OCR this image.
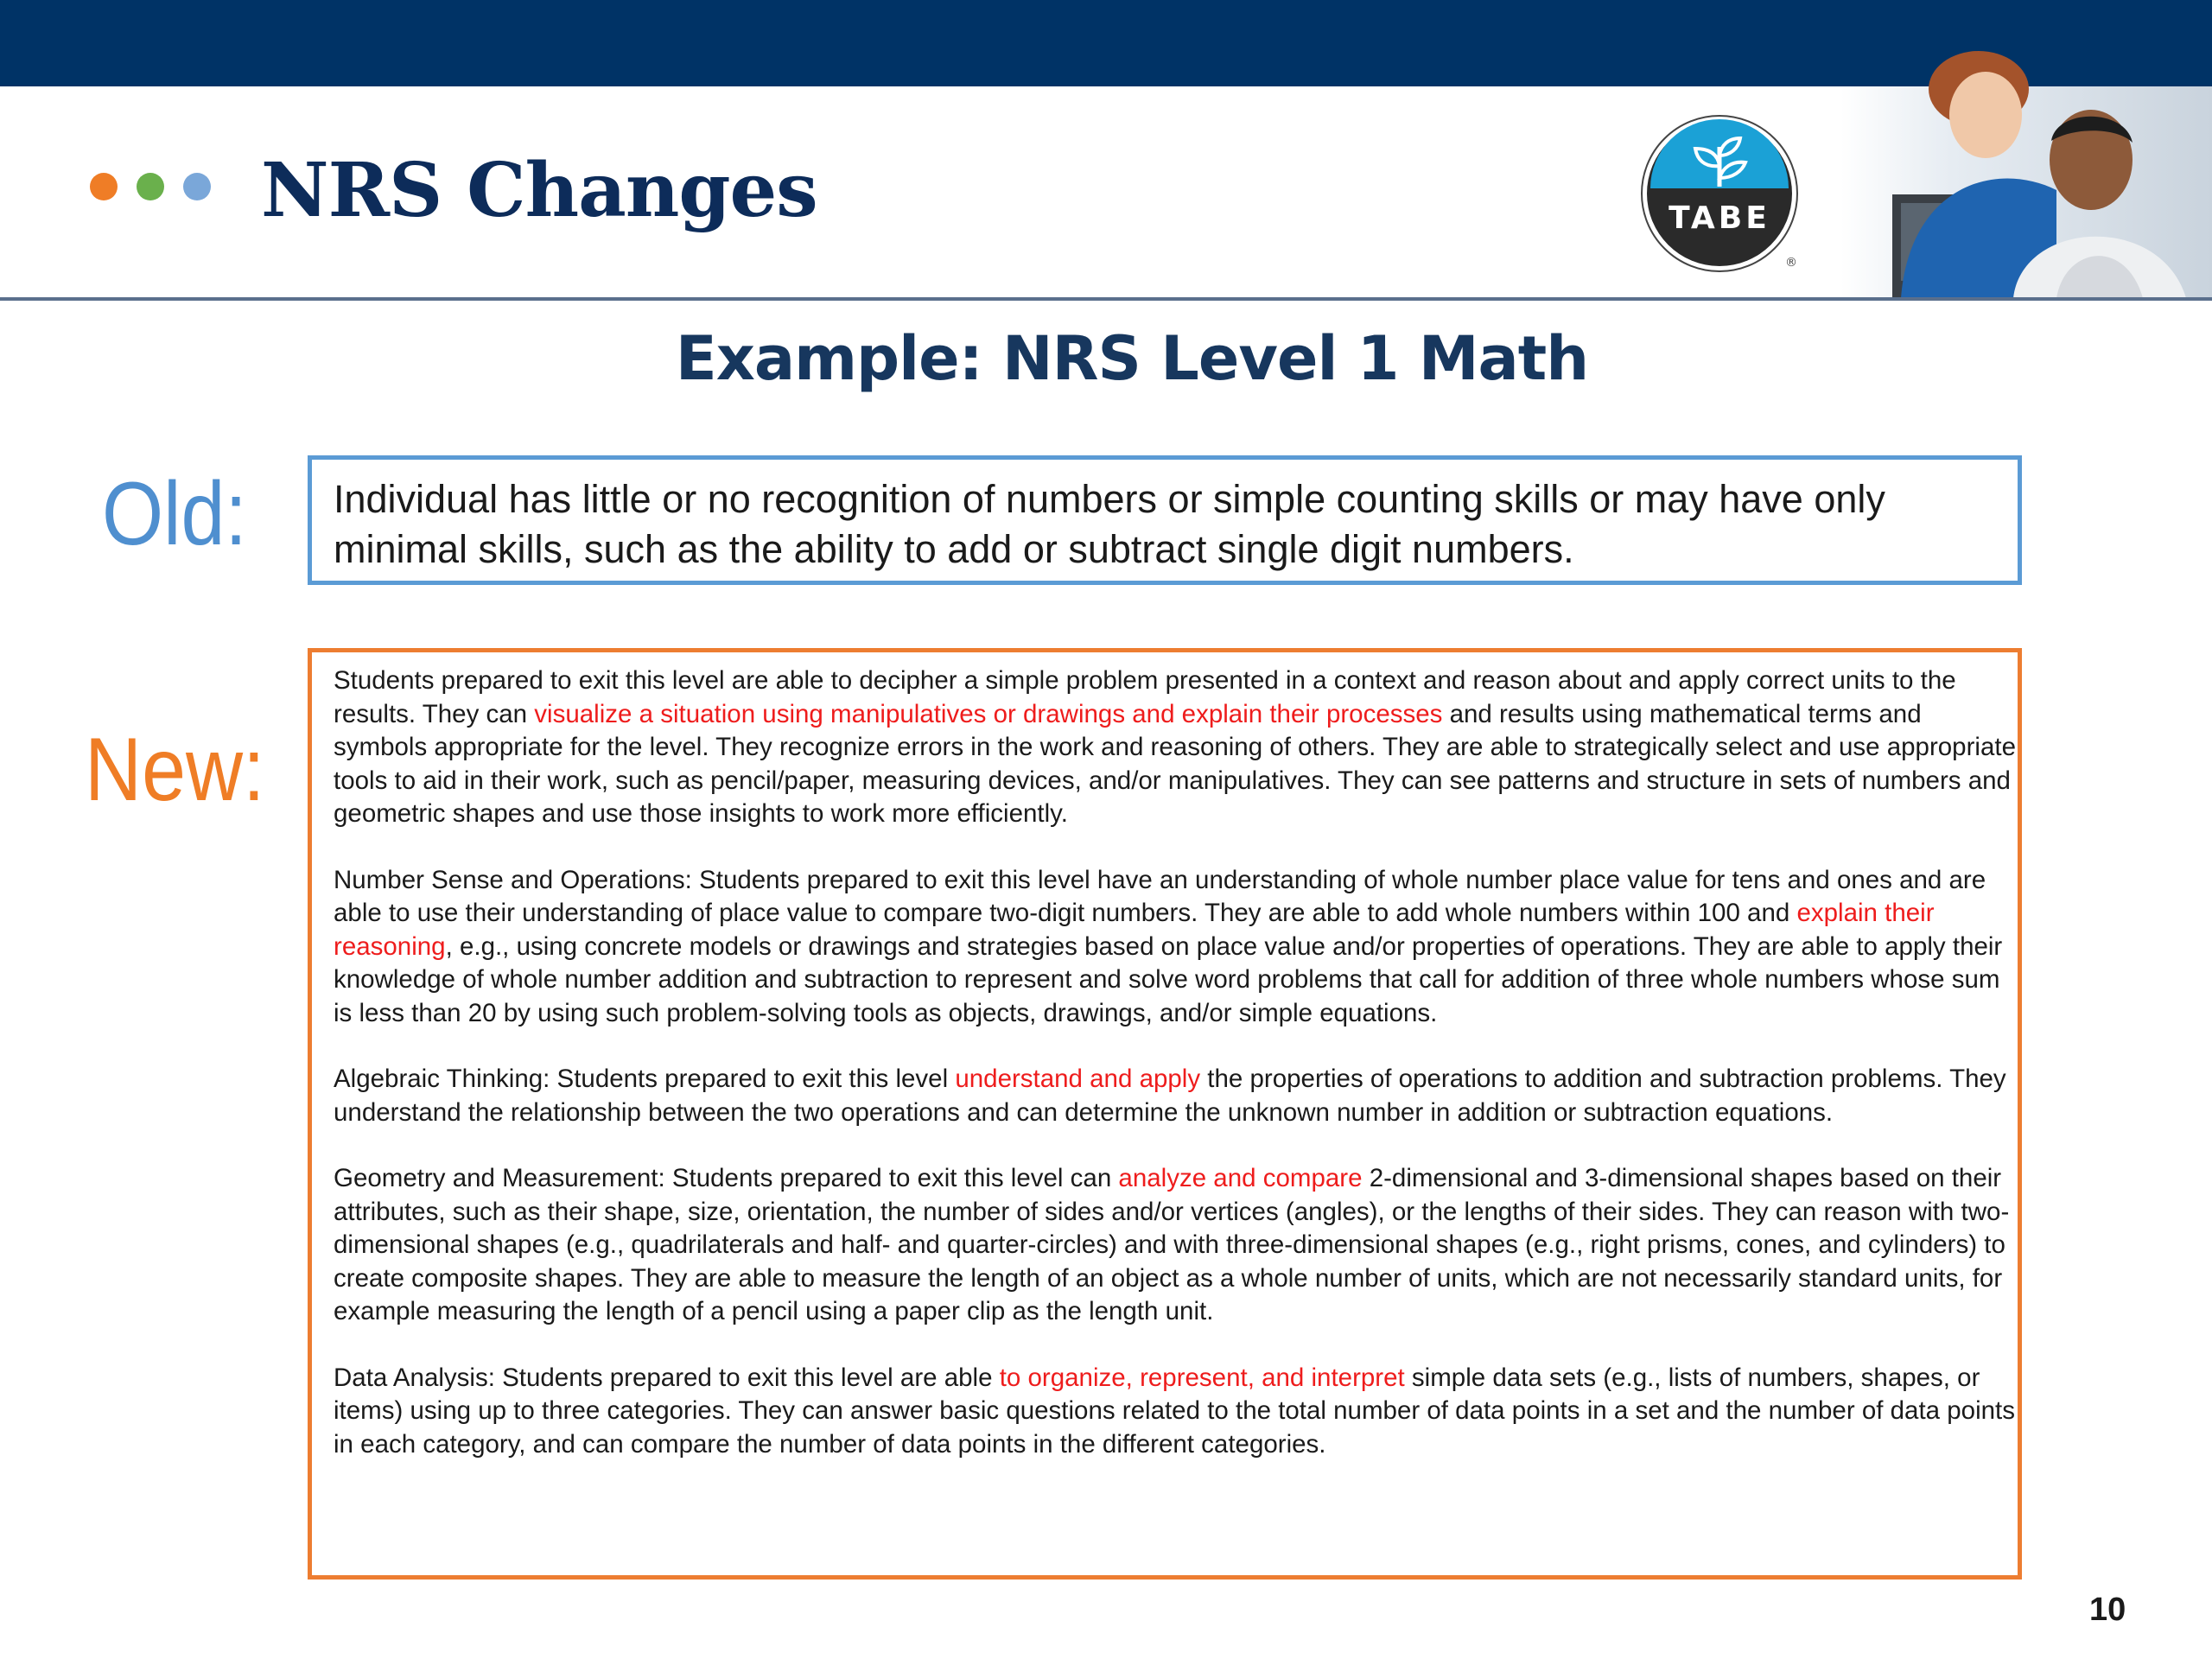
NRS Changes	TABE
®
Example: NRS Level 1 Math
Old:	Individual has little or no recognition of numbers or simple counting skills or may have only minimal skills, such as the ability to add or subtract single digit numbers.
New:

Students prepared to exit this level are able to decipher a simple problem presented in a context and reason about and apply correct units to the results. They can visualize a situation using manipulatives or drawings and explain their processes and results using mathematical terms and symbols appropriate for the level. They recognize errors in the work and reasoning of others. They are able to strategically select and use appropriate tools to aid in their work, such as pencil/paper, measuring devices, and/or manipulatives. They can see patterns and structure in sets of numbers and geometric shapes and use those insights to work more efficiently.

Number Sense and Operations: Students prepared to exit this level have an understanding of whole number place value for tens and ones and are able to use their understanding of place value to compare two-digit numbers. They are able to add whole numbers within 100 and explain their reasoning, e.g., using concrete models or drawings and strategies based on place value and/or properties of operations. They are able to apply their knowledge of whole number addition and subtraction to represent and solve word problems that call for addition of three whole numbers whose sum is less than 20 by using such problem-solving tools as objects, drawings, and/or simple equations.

Algebraic Thinking: Students prepared to exit this level understand and apply the properties of operations to addition and subtraction problems. They understand the relationship between the two operations and can determine the unknown number in addition or subtraction equations.

Geometry and Measurement: Students prepared to exit this level can analyze and compare 2-dimensional and 3-dimensional shapes based on their attributes, such as their shape, size, orientation, the number of sides and/or vertices (angles), or the lengths of their sides. They can reason with two-dimensional shapes (e.g., quadrilaterals and half- and quarter-circles) and with three-dimensional shapes (e.g., right prisms, cones, and cylinders) to create composite shapes. They are able to measure the length of an object as a whole number of units, which are not necessarily standard units, for example measuring the length of a pencil using a paper clip as the length unit.

Data Analysis: Students prepared to exit this level are able to organize, represent, and interpret simple data sets (e.g., lists of numbers, shapes, or items) using up to three categories. They can answer basic questions related to the total number of data points in a set and the number of data points in each category, and can compare the number of data points in the different categories.

10
